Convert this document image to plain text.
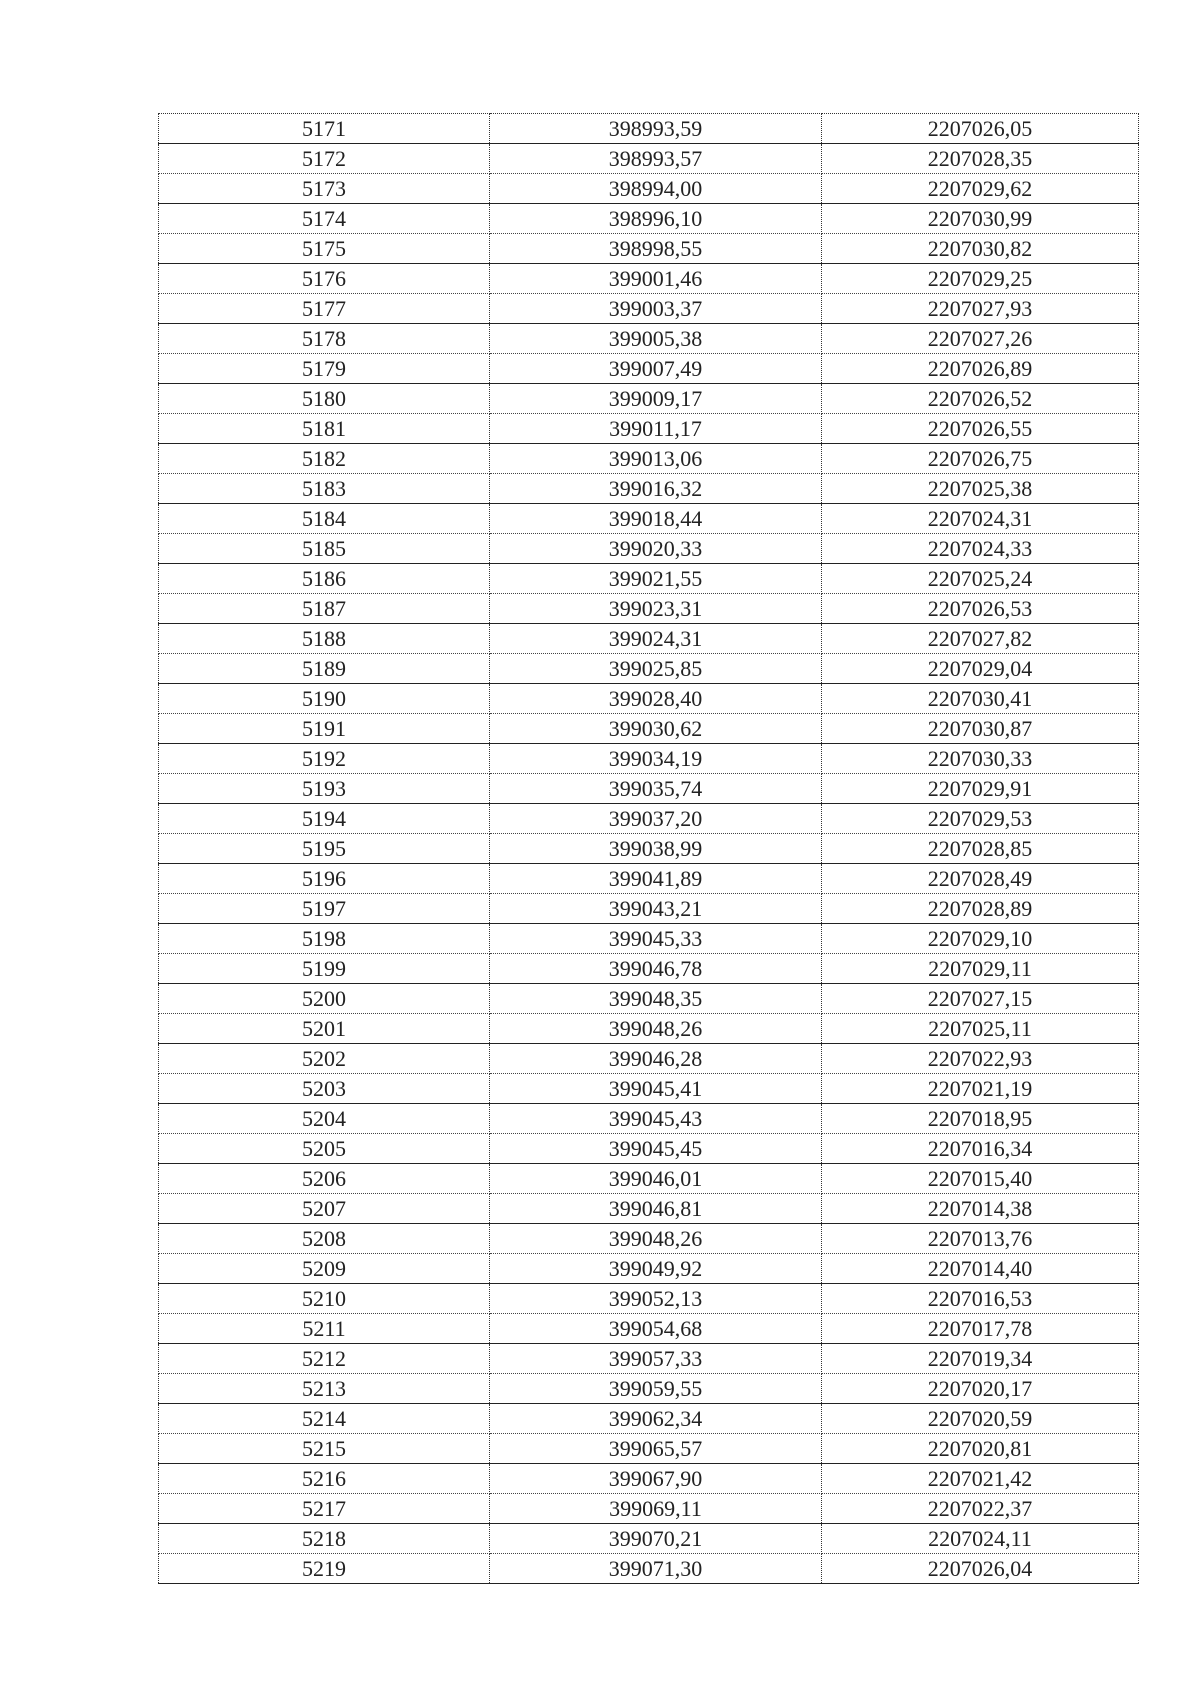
5171	398993,59	2207026,05
5172	398993,57	2207028,35
5173	398994,00	2207029,62
5174	398996,10	2207030,99
5175	398998,55	2207030,82
5176	399001,46	2207029,25
5177	399003,37	2207027,93
5178	399005,38	2207027,26
5179	399007,49	2207026,89
5180	399009,17	2207026,52
5181	399011,17	2207026,55
5182	399013,06	2207026,75
5183	399016,32	2207025,38
5184	399018,44	2207024,31
5185	399020,33	2207024,33
5186	399021,55	2207025,24
5187	399023,31	2207026,53
5188	399024,31	2207027,82
5189	399025,85	2207029,04
5190	399028,40	2207030,41
5191	399030,62	2207030,87
5192	399034,19	2207030,33
5193	399035,74	2207029,91
5194	399037,20	2207029,53
5195	399038,99	2207028,85
5196	399041,89	2207028,49
5197	399043,21	2207028,89
5198	399045,33	2207029,10
5199	399046,78	2207029,11
5200	399048,35	2207027,15
5201	399048,26	2207025,11
5202	399046,28	2207022,93
5203	399045,41	2207021,19
5204	399045,43	2207018,95
5205	399045,45	2207016,34
5206	399046,01	2207015,40
5207	399046,81	2207014,38
5208	399048,26	2207013,76
5209	399049,92	2207014,40
5210	399052,13	2207016,53
5211	399054,68	2207017,78
5212	399057,33	2207019,34
5213	399059,55	2207020,17
5214	399062,34	2207020,59
5215	399065,57	2207020,81
5216	399067,90	2207021,42
5217	399069,11	2207022,37
5218	399070,21	2207024,11
5219	399071,30	2207026,04
